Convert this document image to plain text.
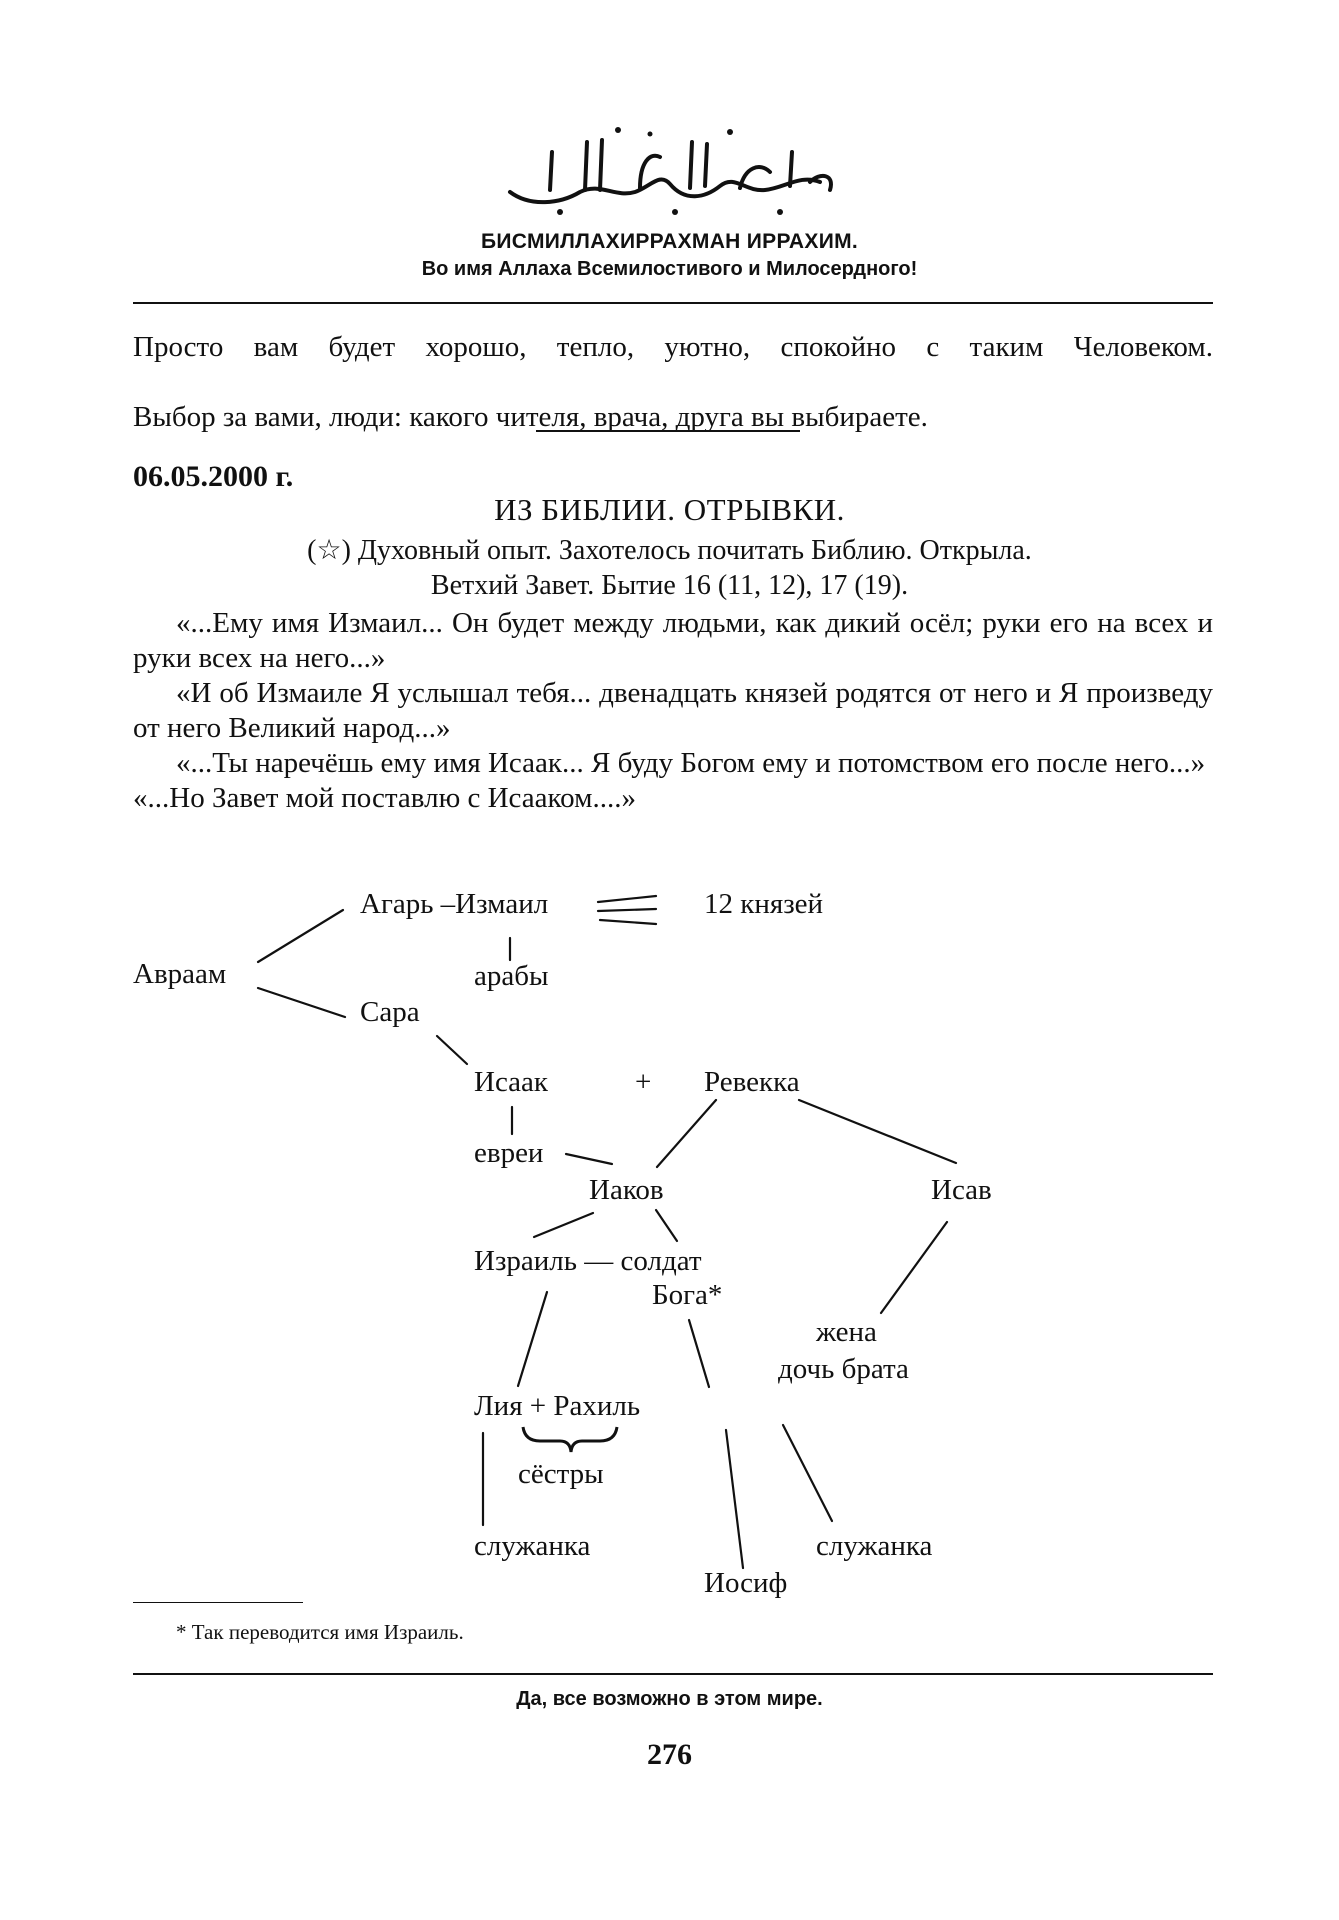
БИСМИЛЛАХИРРАХМАН ИРРАХИМ.
Во имя Аллаха Всемилостивого и Милосердного!
Просто вам будет хорошо, тепло, уютно, спокойно с таким Человеком.
Выбор за вами, люди: какого чителя, врача, друга вы выбираете.
06.05.2000 г.
ИЗ БИБЛИИ. ОТРЫВКИ.
(☆) Духовный опыт. Захотелось почитать Библию. Открыла.
Ветхий Завет. Бытие 16 (11, 12), 17 (19).
«...Ему имя Измаил... Он будет между людьми, как дикий осёл; руки его на всех и руки всех на него...»
«И об Измаиле Я услышал тебя... двенадцать князей родятся от него и Я произведу от него Великий народ...»
«...Ты наречёшь ему имя Исаак... Я буду Богом ему и потомством его после него...»
«...Но Завет мой поставлю с Исааком....»
Авраам
Агарь –Измаил	12 князей
арабы
Сара
Исаак	+ Ревекка
евреи
Иаков	Исав
Израиль — солдат
Бога*
жена
дочь брата
Лия + Рахиль
сёстры
служанка
Иосиф
служанка
* Так переводится имя Израиль.
Да, все возможно в этом мире.
276
